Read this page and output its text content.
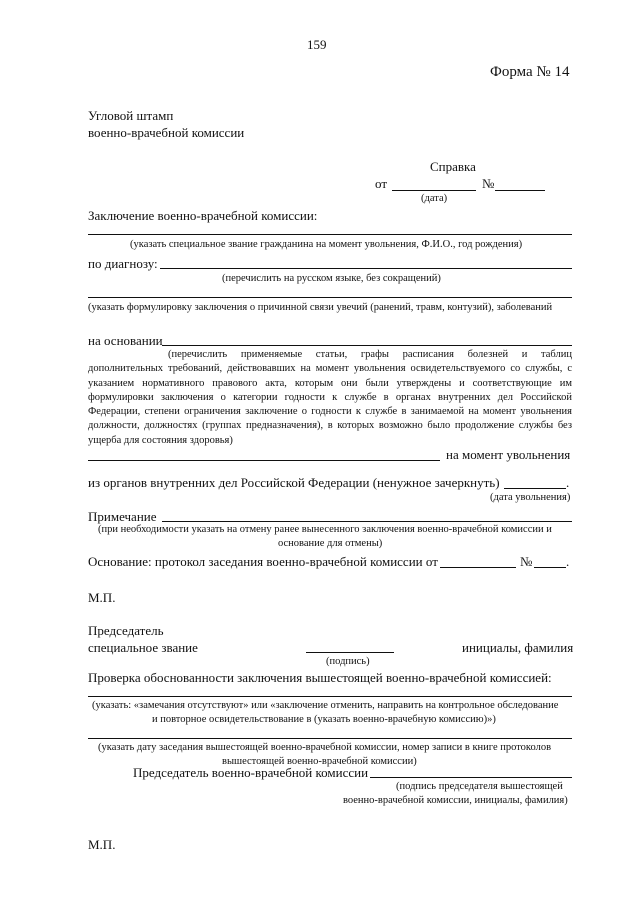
159
Форма № 14
Угловой штамп
военно-врачебной комиссии
Справка
от	№
(дата)
Заключение военно-врачебной комиссии:
(указать специальное звание гражданина на момент увольнения, Ф.И.О., год рождения)
по диагнозу:
(перечислить на русском языке, без сокращений)
(указать формулировку заключения о причинной связи увечий (ранений, травм, контузий), заболеваний
на основании
(перечислить применяемые статьи, графы расписания болезней и таблиц
дополнительных требований, действовавших на момент увольнения освидетельствуемого со службы, с
указанием нормативного правового акта, которым они были утверждены и соответствующие им
формулировки заключения о категории годности к службе в органах внутренних дел Российской
Федерации, степени ограничения заключение о годности к службе в занимаемой на момент увольнения
должности, должностях (группах предназначения), в которых возможно было продолжение службы без
ущерба для состояния здоровья)
на момент увольнения
из органов внутренних дел Российской Федерации (ненужное зачеркнуть)	.
(дата увольнения)
Примечание
(при необходимости указать на отмену ранее вынесенного заключения военно-врачебной комиссии и
основание для отмены)
Основание: протокол заседания военно-врачебной комиссии от	№	.
М.П.
Председатель
специальное звание	инициалы, фамилия
(подпись)
Проверка обоснованности заключения вышестоящей военно-врачебной комиссией:
(указать: «замечания отсутствуют» или «заключение отменить, направить на контрольное обследование
и повторное освидетельствование в (указать военно-врачебную комиссию)»)
(указать дату заседания вышестоящей военно-врачебной комиссии, номер записи в книге протоколов
вышестоящей военно-врачебной комиссии)
Председатель военно-врачебной комиссии
(подпись председателя вышестоящей
военно-врачебной комиссии, инициалы, фамилия)
М.П.
